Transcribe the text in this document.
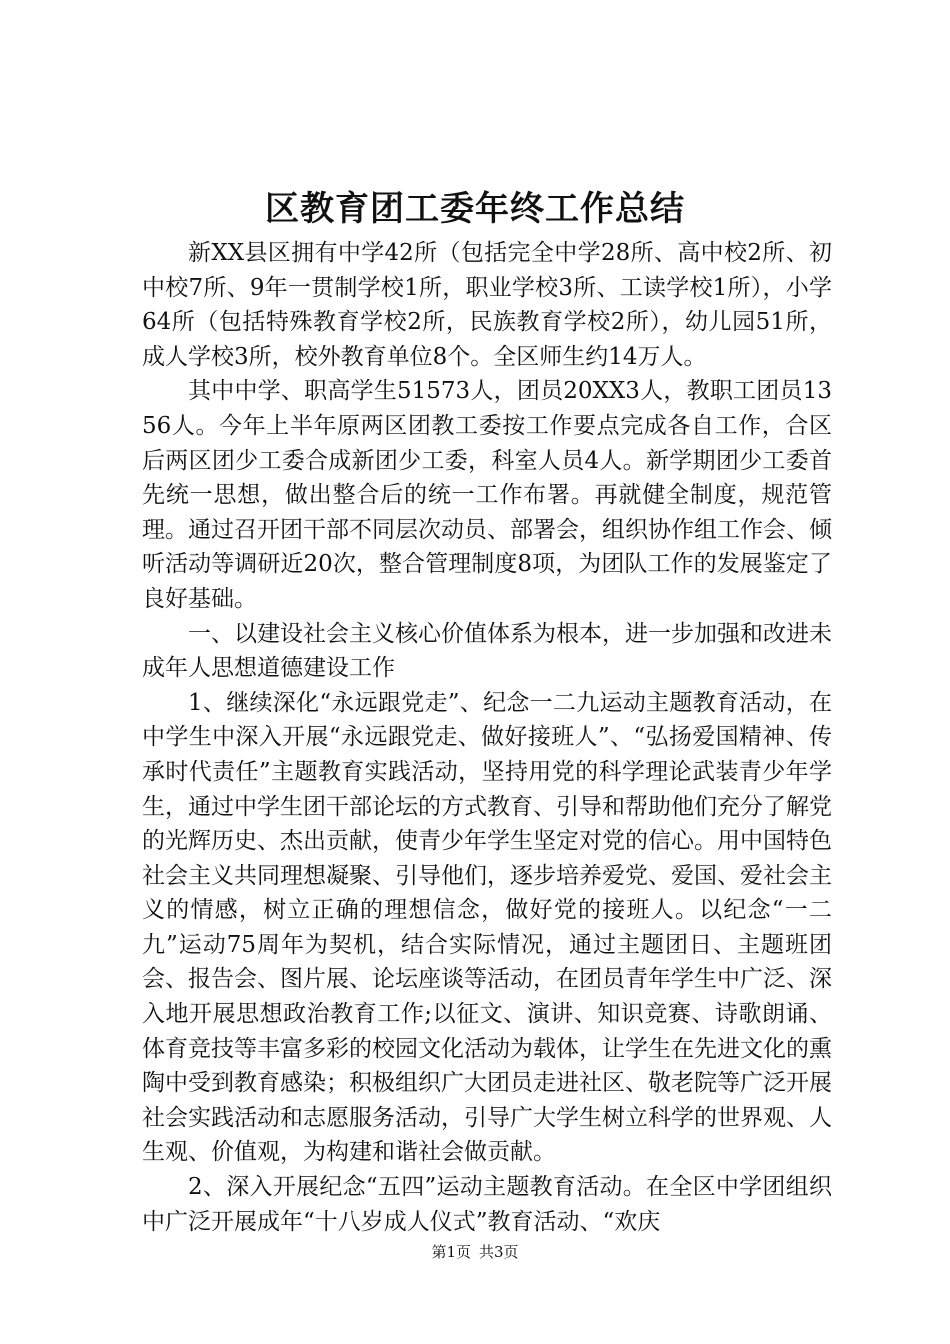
区教育团工委年终工作总结

新XX县区拥有中学42所（包括完全中学28所、高中校2所、初中校7所、9年一贯制学校1所，职业学校3所、工读学校1所），小学64所（包括特殊教育学校2所，民族教育学校2所），幼儿园51所，成人学校3所，校外教育单位8个。全区师生约14万人。

其中中学、职高学生51573人，团员20XX3人，教职工团员1356人。今年上半年原两区团教工委按工作要点完成各自工作，合区后两区团少工委合成新团少工委，科室人员4人。新学期团少工委首先统一思想，做出整合后的统一工作布署。再就健全制度，规范管理。通过召开团干部不同层次动员、部署会，组织协作组工作会、倾听活动等调研近20次，整合管理制度8项，为团队工作的发展鉴定了良好基础。

一、以建设社会主义核心价值体系为根本，进一步加强和改进未成年人思想道德建设工作

1、继续深化“永远跟党走”、纪念一二九运动主题教育活动，在中学生中深入开展“永远跟党走、做好接班人”、“弘扬爱国精神、传承时代责任”主题教育实践活动，坚持用党的科学理论武装青少年学生，通过中学生团干部论坛的方式教育、引导和帮助他们充分了解党的光辉历史、杰出贡献，使青少年学生坚定对党的信心。用中国特色社会主义共同理想凝聚、引导他们，逐步培养爱党、爱国、爱社会主义的情感，树立正确的理想信念，做好党的接班人。以纪念“一二九”运动75周年为契机，结合实际情况，通过主题团日、主题班团会、报告会、图片展、论坛座谈等活动，在团员青年学生中广泛、深入地开展思想政治教育工作;以征文、演讲、知识竞赛、诗歌朗诵、体育竞技等丰富多彩的校园文化活动为载体，让学生在先进文化的熏陶中受到教育感染；积极组织广大团员走进社区、敬老院等广泛开展社会实践活动和志愿服务活动，引导广大学生树立科学的世界观、人生观、价值观，为构建和谐社会做贡献。

2、深入开展纪念“五四”运动主题教育活动。在全区中学团组织中广泛开展成年“十八岁成人仪式”教育活动、“欢庆

第1页 共3页
